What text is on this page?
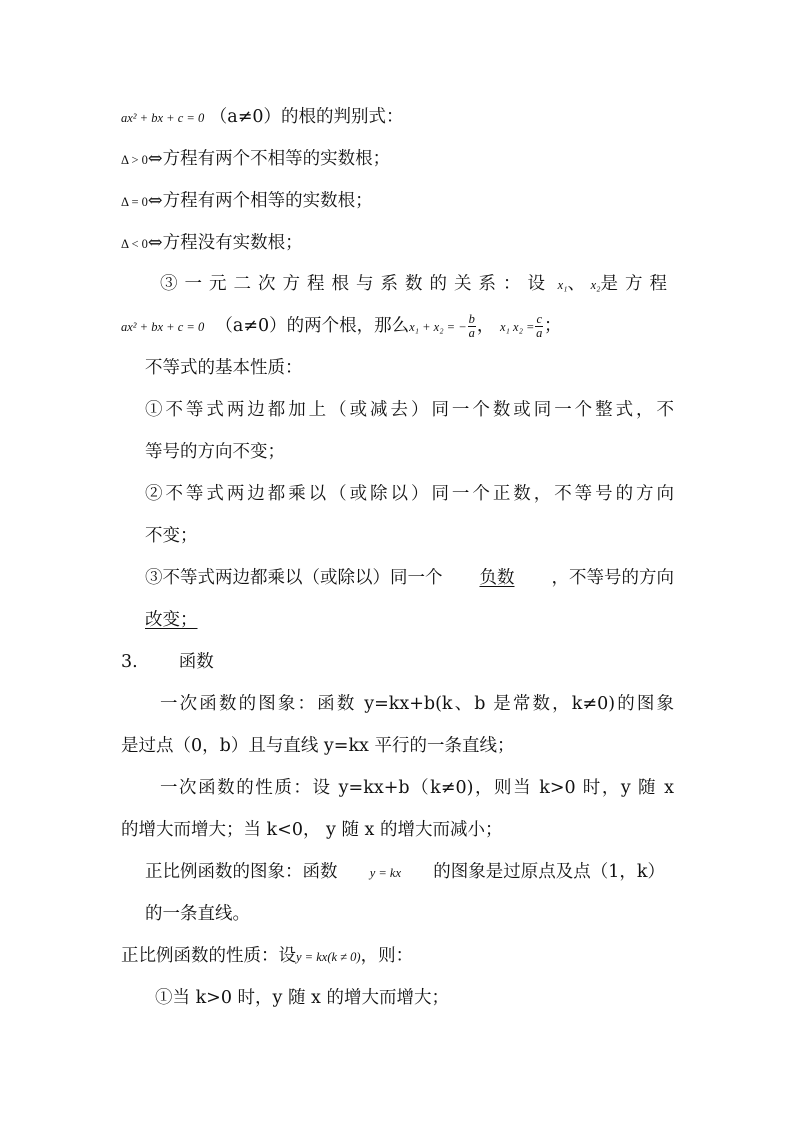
ax² + bx + c = 0 （a≠0）的根的判别式：
Δ > 0⇔方程有两个不相等的实数根；
Δ = 0⇔方程有两个相等的实数根；
Δ < 0⇔方程没有实数根；
③一元二次方程根与系数的关系：设 x₁、 x₂是方程
ax² + bx + c = 0 （a≠0）的两个根，那么x₁ + x₂ = − $\frac{b}{a}$ ， x₁ $x_2 = \frac{c}{a}$ ；
不等式的基本性质：
①不等式两边都加上（或减去）同一个数或同一个整式，不
等号的方向不变；
②不等式两边都乘以（或除以）同一个正数，不等号的方向
不变；
③不等式两边都乘以（或除以）同一个 负数 ，不等号的方向
改变；
3. 函数
一次函数的图象：函数 y=kx+b(k、b 是常数，k≠0)的图象
是过点（0，b）且与直线 y=kx 平行的一条直线；
一次函数的性质：设 y=kx+b（k≠0)，则当 k>0 时，y 随 x
的增大而增大；当 k<0， y 随 x 的增大而减小；
正比例函数的图象：函数	y = kx 的图象是过原点及点（1，k）
的一条直线。
正比例函数的性质：设y = kx(k ≠ 0)，则：
①当 k>0 时，y 随 x 的增大而增大；
